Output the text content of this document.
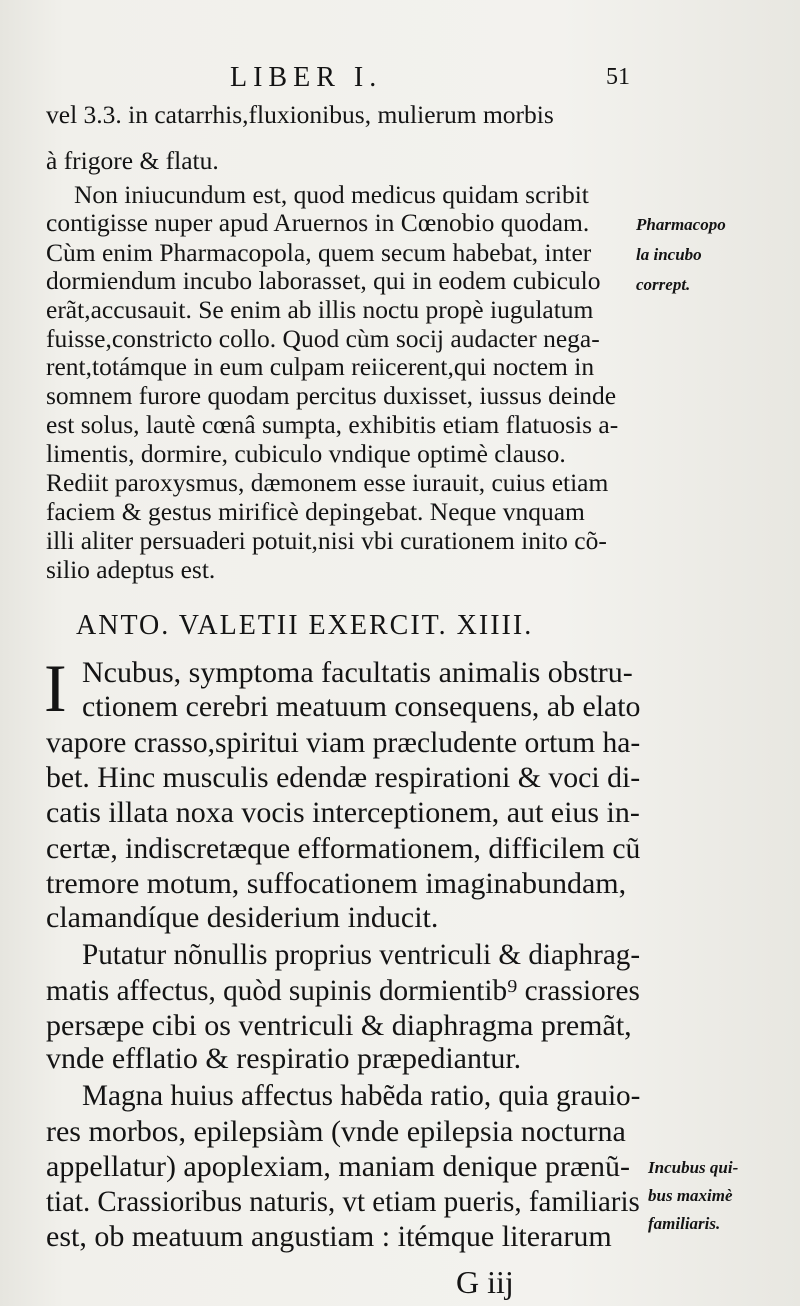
LIBER I.	51
vel 3.3. in catarrhis,fluxionibus, mulierum morbis
à frigore & flatu.
Non iniucundum est, quod medicus quidam scribit
contigisse nuper apud Aruernos in Cœnobio quodam.
Cùm enim Pharmacopola, quem secum habebat, inter
dormiendum incubo laborasset, qui in eodem cubiculo
erãt,accusauit. Se enim ab illis noctu propè iugulatum
fuisse,constricto collo. Quod cùm socij audacter nega-
rent,totámque in eum culpam reiicerent,qui noctem in
somnem furore quodam percitus duxisset, iussus deinde
est solus, lautè cœnâ sumpta, exhibitis etiam flatuosis a-
limentis, dormire, cubiculo vndique optimè clauso.
Rediit paroxysmus, dæmonem esse iurauit, cuius etiam
faciem & gestus mirificè depingebat. Neque vnquam
illi aliter persuaderi potuit,nisi vbi curationem inito cõ-
silio adeptus est.
ANTO. VALETII EXERCIT. XIIII.
I Ncubus, symptoma facultatis animalis obstru-
ctionem cerebri meatuum consequens, ab elato
vapore crasso,spiritui viam præcludente ortum ha-
bet. Hinc musculis edendæ respirationi & voci di-
catis illata noxa vocis interceptionem, aut eius in-
certæ, indiscretæque efformationem, difficilem cũ
tremore motum, suffocationem imaginabundam,
clamandíque desiderium inducit.
Putatur nõnullis proprius ventriculi & diaphrag-
matis affectus, quòd supinis dormientib⁹ crassiores
persæpe cibi os ventriculi & diaphragma premãt,
vnde efflatio & respiratio præpediantur.
Magna huius affectus habẽda ratio, quia grauio-
res morbos, epilepsiàm (vnde epilepsia nocturna
appellatur) apoplexiam, maniam denique prænũ-
tiat. Crassioribus naturis, vt etiam pueris, familiaris
est, ob meatuum angustiam : itémque literarum
Pharmacopo
la incubo
corrept.
Incubus qui-
bus maximè
familiaris.
G iij
